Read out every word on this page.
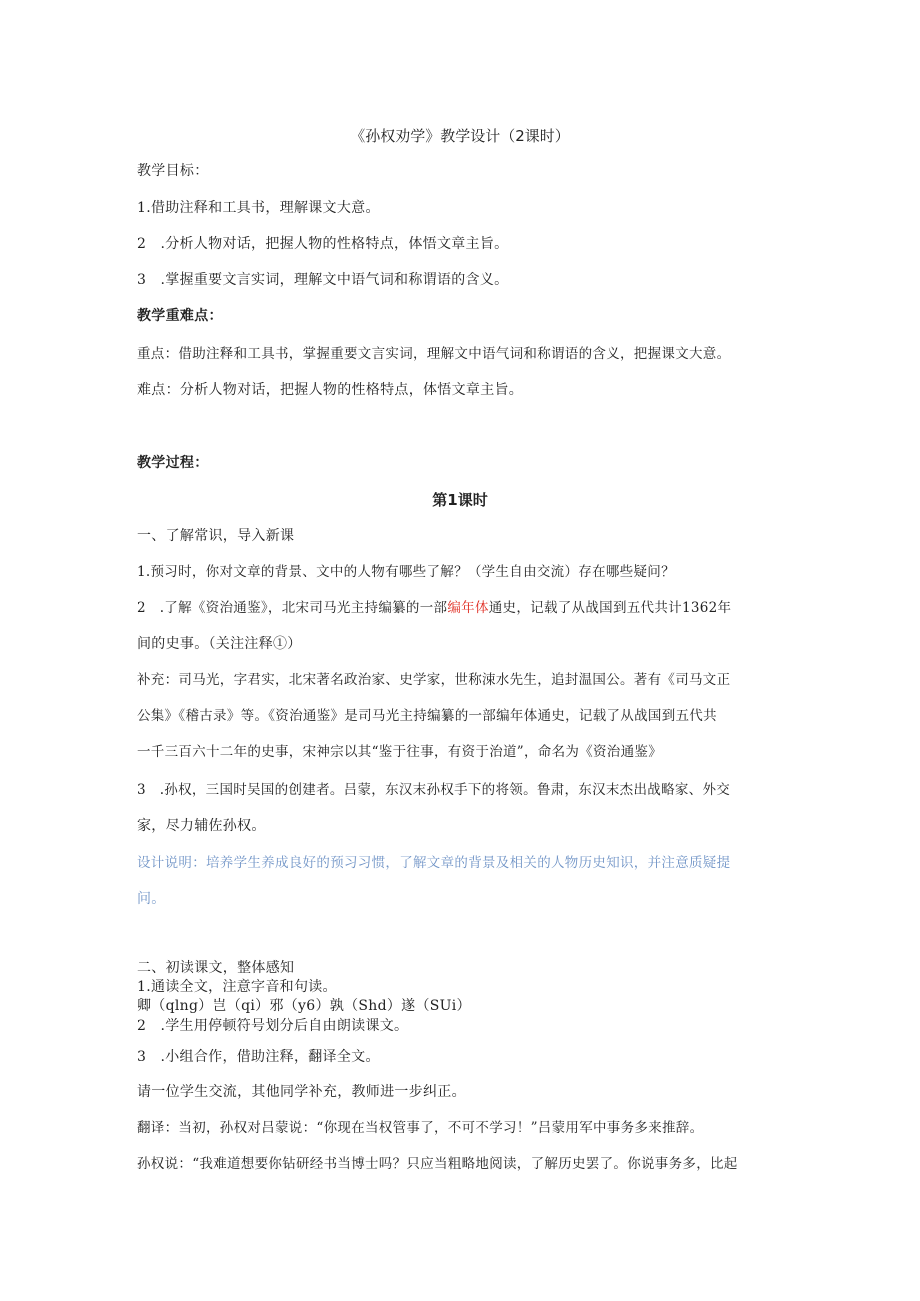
《孙权劝学》教学设计（2课时）
教学目标：
1.借助注释和工具书，理解课文大意。
2　.分析人物对话，把握人物的性格特点，体悟文章主旨。
3　.掌握重要文言实词，理解文中语气词和称谓语的含义。
教学重难点：
重点：借助注释和工具书，掌握重要文言实词，理解文中语气词和称谓语的含义，把握课文大意。
难点：分析人物对话，把握人物的性格特点，体悟文章主旨。
教学过程：
第1课时
一、了解常识，导入新课
1.预习时，你对文章的背景、文中的人物有哪些了解？（学生自由交流）存在哪些疑问？
2　.了解《资治通鉴》，北宋司马光主持编纂的一部编年体通史，记载了从战国到五代共计1362年
间的史事。（关注注释①）
补充：司马光，字君实，北宋著名政治家、史学家，世称涑水先生，追封温国公。著有《司马文正
公集》《稽古录》等。《资治通鉴》是司马光主持编纂的一部编年体通史，记载了从战国到五代共
一千三百六十二年的史事，宋神宗以其“鉴于往事，有资于治道”，命名为《资治通鉴》
3　.孙权，三国时吴国的创建者。吕蒙，东汉末孙权手下的将领。鲁肃，东汉末杰出战略家、外交
家，尽力辅佐孙权。
设计说明：培养学生养成良好的预习习惯，了解文章的背景及相关的人物历史知识，并注意质疑提
问。
二、初读课文，整体感知
1.通读全文，注意字音和句读。
卿（qlng）岂（qi）邪（y6）孰（Shd）遂（SUi）
2　.学生用停顿符号划分后自由朗读课文。
3　.小组合作，借助注释，翻译全文。
请一位学生交流，其他同学补充，教师进一步纠正。
翻译：当初，孙权对吕蒙说：“你现在当权管事了，不可不学习！”吕蒙用军中事务多来推辞。
孙权说：“我难道想要你钻研经书当博士吗？只应当粗略地阅读，了解历史罢了。你说事务多，比起
